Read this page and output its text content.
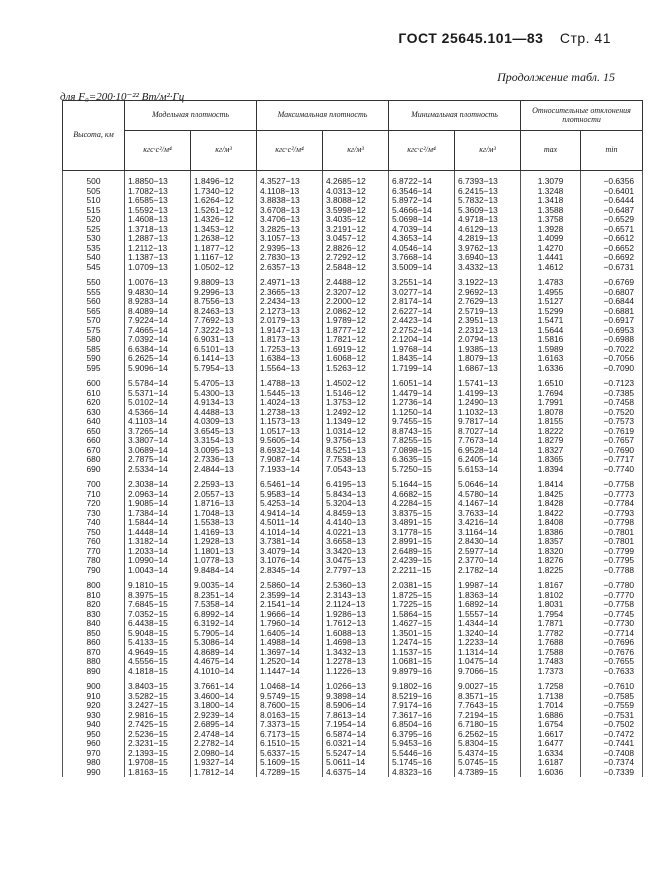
ГОСТ 25645.101—83 Стр. 41
Продолжение табл. 15
для F₀=200·10⁻²² Вт/м²·Гц
Высота, км	Модельная плотность		Максимальная плотность		Минимальная плотность		Относительные отклонения плотности	
	кгс·с²/м⁴	кг/м³	кгс·с²/м⁴	кг/м³	кгс·с²/м⁴	кг/м³	max	min

500	1.8850−13	1.8496−12	4.3527−13	4.2685−12	6.8722−14	6.7393−13	1.3079	−0.6356
505	1.7082−13	1.7340−12	4.1108−13	4.0313−12	6.3546−14	6.2415−13	1.3248	−0.6401
510	1.6585−13	1.6264−12	3.8838−13	3.8088−12	5.8972−14	5.7832−13	1.3418	−0.6444
515	1.5592−13	1.5261−12	3.6708−13	3.5998−12	5.4666−14	5.3609−13	1.3588	−0.6487
520	1.4608−13	1.4326−12	3.4706−13	3.4035−12	5.0698−14	4.9718−13	1.3758	−0.6529
525	1.3718−13	1.3453−12	3.2825−13	3.2191−12	4.7039−14	4.6129−13	1.3928	−0.6571
530	1.2887−13	1.2638−12	3.1057−13	3.0457−12	4.3653−14	4.2819−13	1.4099	−0.6612
535	1.2112−13	1.1877−12	2.9395−13	2.8826−12	4.0546−14	3.9762−13	1.4270	−0.6652
540	1.1387−13	1.1167−12	2.7830−13	2.7292−12	3.7668−14	3.6940−13	1.4441	−0.6692
545	1.0709−13	1.0502−12	2.6357−13	2.5848−12	3.5009−14	3.4332−13	1.4612	−0.6731

550	1.0076−13	9.8809−13	2.4971−13	2.4488−12	3.2551−14	3.1922−13	1.4783	−0.6769
555	9.4830−14	9.2996−13	2.3665−13	2.3207−12	3.0277−14	2.9692−13	1.4955	−0.6807
560	8.9283−14	8.7556−13	2.2434−13	2.2000−12	2.8174−14	2.7629−13	1.5127	−0.6844
565	8.4089−14	8.2463−13	2.1273−13	2.0862−12	2.6227−14	2.5719−13	1.5299	−0.6881
570	7.9224−14	7.7692−13	2.0179−13	1.9789−12	2.4423−14	2.3951−13	1.5471	−0.6917
575	7.4665−14	7.3222−13	1.9147−13	1.8777−12	2.2752−14	2.2312−13	1.5644	−0.6953
580	7.0392−14	6.9031−13	1.8173−13	1.7821−12	2.1204−14	2.0794−13	1.5816	−0.6988
585	6.6384−14	6.5101−13	1.7253−13	1.6919−12	1.9768−14	1.9385−13	1.5989	−0.7022
590	6.2625−14	6.1414−13	1.6384−13	1.6068−12	1.8435−14	1.8079−13	1.6163	−0.7056
595	5.9096−14	5.7954−13	1.5564−13	1.5263−12	1.7199−14	1.6867−13	1.6336	−0.7090

600	5.5784−14	5.4705−13	1.4788−13	1.4502−12	1.6051−14	1.5741−13	1.6510	−0.7123
610	5.5371−14	5.4300−13	1.5445−13	1.5146−12	1.4479−14	1.4199−13	1.7694	−0.7385
620	5.0102−14	4.9134−13	1.4024−13	1.3753−12	1.2736−14	1.2490−13	1.7991	−0.7458
630	4.5366−14	4.4488−13	1.2738−13	1.2492−12	1.1250−14	1.1032−13	1.8078	−0.7520
640	4.1103−14	4.0309−13	1.1573−13	1.1349−12	9.7455−15	9.7817−14	1.8155	−0.7573
650	3.7265−14	3.6545−13	1.0517−13	1.0314−12	8.8743−15	8.7027−14	1.8222	−0.7619
660	3.3807−14	3.3154−13	9.5605−14	9.3756−13	7.8255−15	7.7673−14	1.8279	−0.7657
670	3.0689−14	3.0095−13	8.6932−14	8.5251−13	7.0898−15	6.9528−14	1.8327	−0.7690
680	2.7875−14	2.7336−13	7.9087−14	7.7538−13	6.3635−15	6.2405−14	1.8365	−0.7717
690	2.5334−14	2.4844−13	7.1933−14	7.0543−13	5.7250−15	5.6153−14	1.8394	−0.7740

700	2.3038−14	2.2593−13	6.5461−14	6.4195−13	5.1644−15	5.0646−14	1.8414	−0.7758
710	2.0963−14	2.0557−13	5.9583−14	5.8434−13	4.6682−15	4.5780−14	1.8425	−0.7773
720	1.9085−14	1.8716−13	5.4253−14	5.3204−13	4.2284−15	4.1467−14	1.8428	−0.7784
730	1.7384−14	1.7048−13	4.9414−14	4.8459−13	3.8375−15	3.7633−14	1.8422	−0.7793
740	1.5844−14	1.5538−13	4.5011−14	4.4140−13	3.4891−15	3.4216−14	1.8408	−0.7798
750	1.4448−14	1.4169−13	4.1014−14	4.0221−13	3.1778−15	3.1164−14	1.8386	−0.7801
760	1.3182−14	1.2928−13	3.7381−14	3.6658−13	2.8991−15	2.8430−14	1.8357	−0.7801
770	1.2033−14	1.1801−13	3.4079−14	3.3420−13	2.6489−15	2.5977−14	1.8320	−0.7799
780	1.0990−14	1.0778−13	3.1076−14	3.0475−13	2.4239−15	2.3770−14	1.8276	−0.7795
790	1.0043−14	9.8484−14	2.8345−14	2.7797−13	2.2211−15	2.1782−14	1.8225	−0.7788

800	9.1810−15	9.0035−14	2.5860−14	2.5360−13	2.0381−15	1.9987−14	1.8167	−0.7780
810	8.3975−15	8.2351−14	2.3599−14	2.3143−13	1.8725−15	1.8363−14	1.8102	−0.7770
820	7.6845−15	7.5358−14	2.1541−14	2.1124−13	1.7225−15	1.6892−14	1.8031	−0.7758
830	7.0352−15	6.8992−14	1.9666−14	1.9286−13	1.5864−15	1.5557−14	1.7954	−0.7745
840	6.4438−15	6.3192−14	1.7960−14	1.7612−13	1.4627−15	1.4344−14	1.7871	−0.7730
850	5.9048−15	5.7905−14	1.6405−14	1.6088−13	1.3501−15	1.3240−14	1.7782	−0.7714
860	5.4133−15	5.3086−14	1.4988−14	1.4698−13	1.2474−15	1.2233−14	1.7688	−0.7696
870	4.9649−15	4.8689−14	1.3697−14	1.3432−13	1.1537−15	1.1314−14	1.7588	−0.7676
880	4.5556−15	4.4675−14	1.2520−14	1.2278−13	1.0681−15	1.0475−14	1.7483	−0.7655
890	4.1818−15	4.1010−14	1.1447−14	1.1226−13	9.8979−16	9.7066−15	1.7373	−0.7633

900	3.8403−15	3.7661−14	1.0468−14	1.0266−13	9.1802−16	9.0027−15	1.7258	−0.7610
910	3.5282−15	3.4600−14	9.5749−15	9.3898−14	8.5219−16	8.3571−15	1.7138	−0.7585
920	3.2427−15	3.1800−14	8.7600−15	8.5906−14	7.9174−16	7.7643−15	1.7014	−0.7559
930	2.9816−15	2.9239−14	8.0163−15	7.8613−14	7.3617−16	7.2194−15	1.6886	−0.7531
940	2.7425−15	2.6895−14	7.3373−15	7.1954−14	6.8504−16	6.7180−15	1.6754	−0.7502
950	2.5236−15	2.4748−14	6.7173−15	6.5874−14	6.3795−16	6.2562−15	1.6617	−0.7472
960	2.3231−15	2.2782−14	6.1510−15	6.0321−14	5.9453−16	5.8304−15	1.6477	−0.7441
970	2.1393−15	2.0980−14	5.6337−15	5.5247−14	5.5446−16	5.4374−15	1.6334	−0.7408
980	1.9708−15	1.9327−14	5.1609−15	5.0611−14	5.1745−16	5.0745−15	1.6187	−0.7374
990	1.8163−15	1.7812−14	4.7289−15	4.6375−14	4.8323−16	4.7389−15	1.6036	−0.7339
